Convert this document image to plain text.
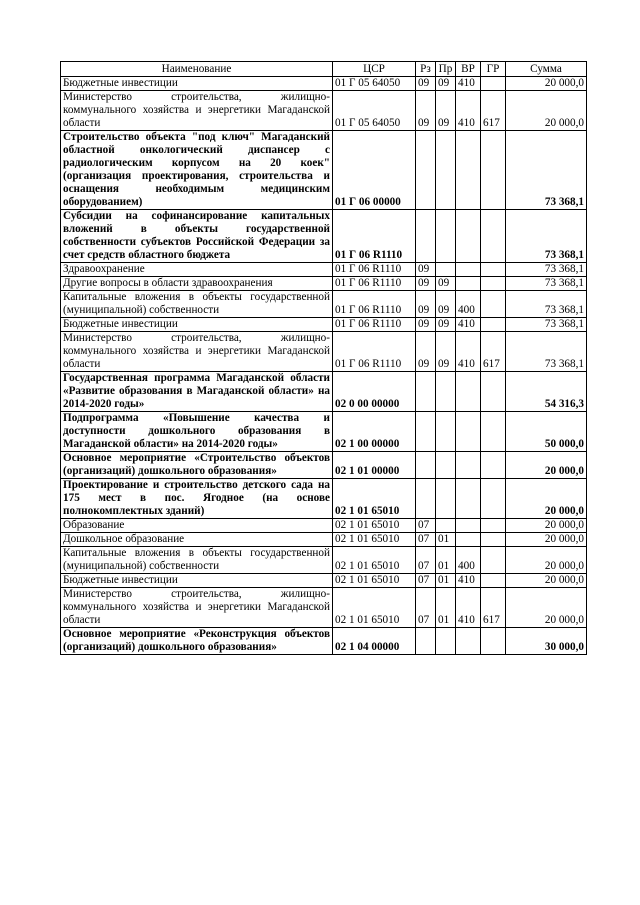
Наименование	ЦСР	Рз	Пр	ВР	ГР	Сумма
Бюджетные инвестиции	01 Г 05 64050	09	09	410		20 000,0
Министерство строительства, жилищно-коммунального хозяйства и энергетики Магаданской области	01 Г 05 64050	09	09	410	617	20 000,0
Строительство объекта "под ключ" Магаданский областной онкологический диспансер с радиологическим корпусом на 20 коек" (организация проектирования, строительства и оснащения необходимым медицинским оборудованием)	01 Г 06 00000					73 368,1
Субсидии на софинансирование капитальных вложений в объекты государственной собственности субъектов Российской Федерации за счет средств областного бюджета	01 Г 06 R1110					73 368,1
Здравоохранение	01 Г 06 R1110	09				73 368,1
Другие вопросы в области здравоохранения	01 Г 06 R1110	09	09			73 368,1
Капитальные вложения в объекты государственной (муниципальной) собственности	01 Г 06 R1110	09	09	400		73 368,1
Бюджетные инвестиции	01 Г 06 R1110	09	09	410		73 368,1
Министерство строительства, жилищно-коммунального хозяйства и энергетики Магаданской области	01 Г 06 R1110	09	09	410	617	73 368,1
Государственная программа Магаданской области «Развитие образования в Магаданской области» на 2014-2020 годы»	02 0 00 00000					54 316,3
Подпрограмма «Повышение качества и доступности дошкольного образования в Магаданской области» на 2014-2020 годы»	02 1 00 00000					50 000,0
Основное мероприятие «Строительство объектов (организаций) дошкольного образования»	02 1 01 00000					20 000,0
Проектирование и строительство детского сада на 175 мест в пос. Ягодное (на основе полнокомплектных зданий)	02 1 01 65010					20 000,0
Образование	02 1 01 65010	07				20 000,0
Дошкольное образование	02 1 01 65010	07	01			20 000,0
Капитальные вложения в объекты государственной (муниципальной) собственности	02 1 01 65010	07	01	400		20 000,0
Бюджетные инвестиции	02 1 01 65010	07	01	410		20 000,0
Министерство строительства, жилищно-коммунального хозяйства и энергетики Магаданской области	02 1 01 65010	07	01	410	617	20 000,0
Основное мероприятие «Реконструкция объектов (организаций) дошкольного образования»	02 1 04 00000					30 000,0
